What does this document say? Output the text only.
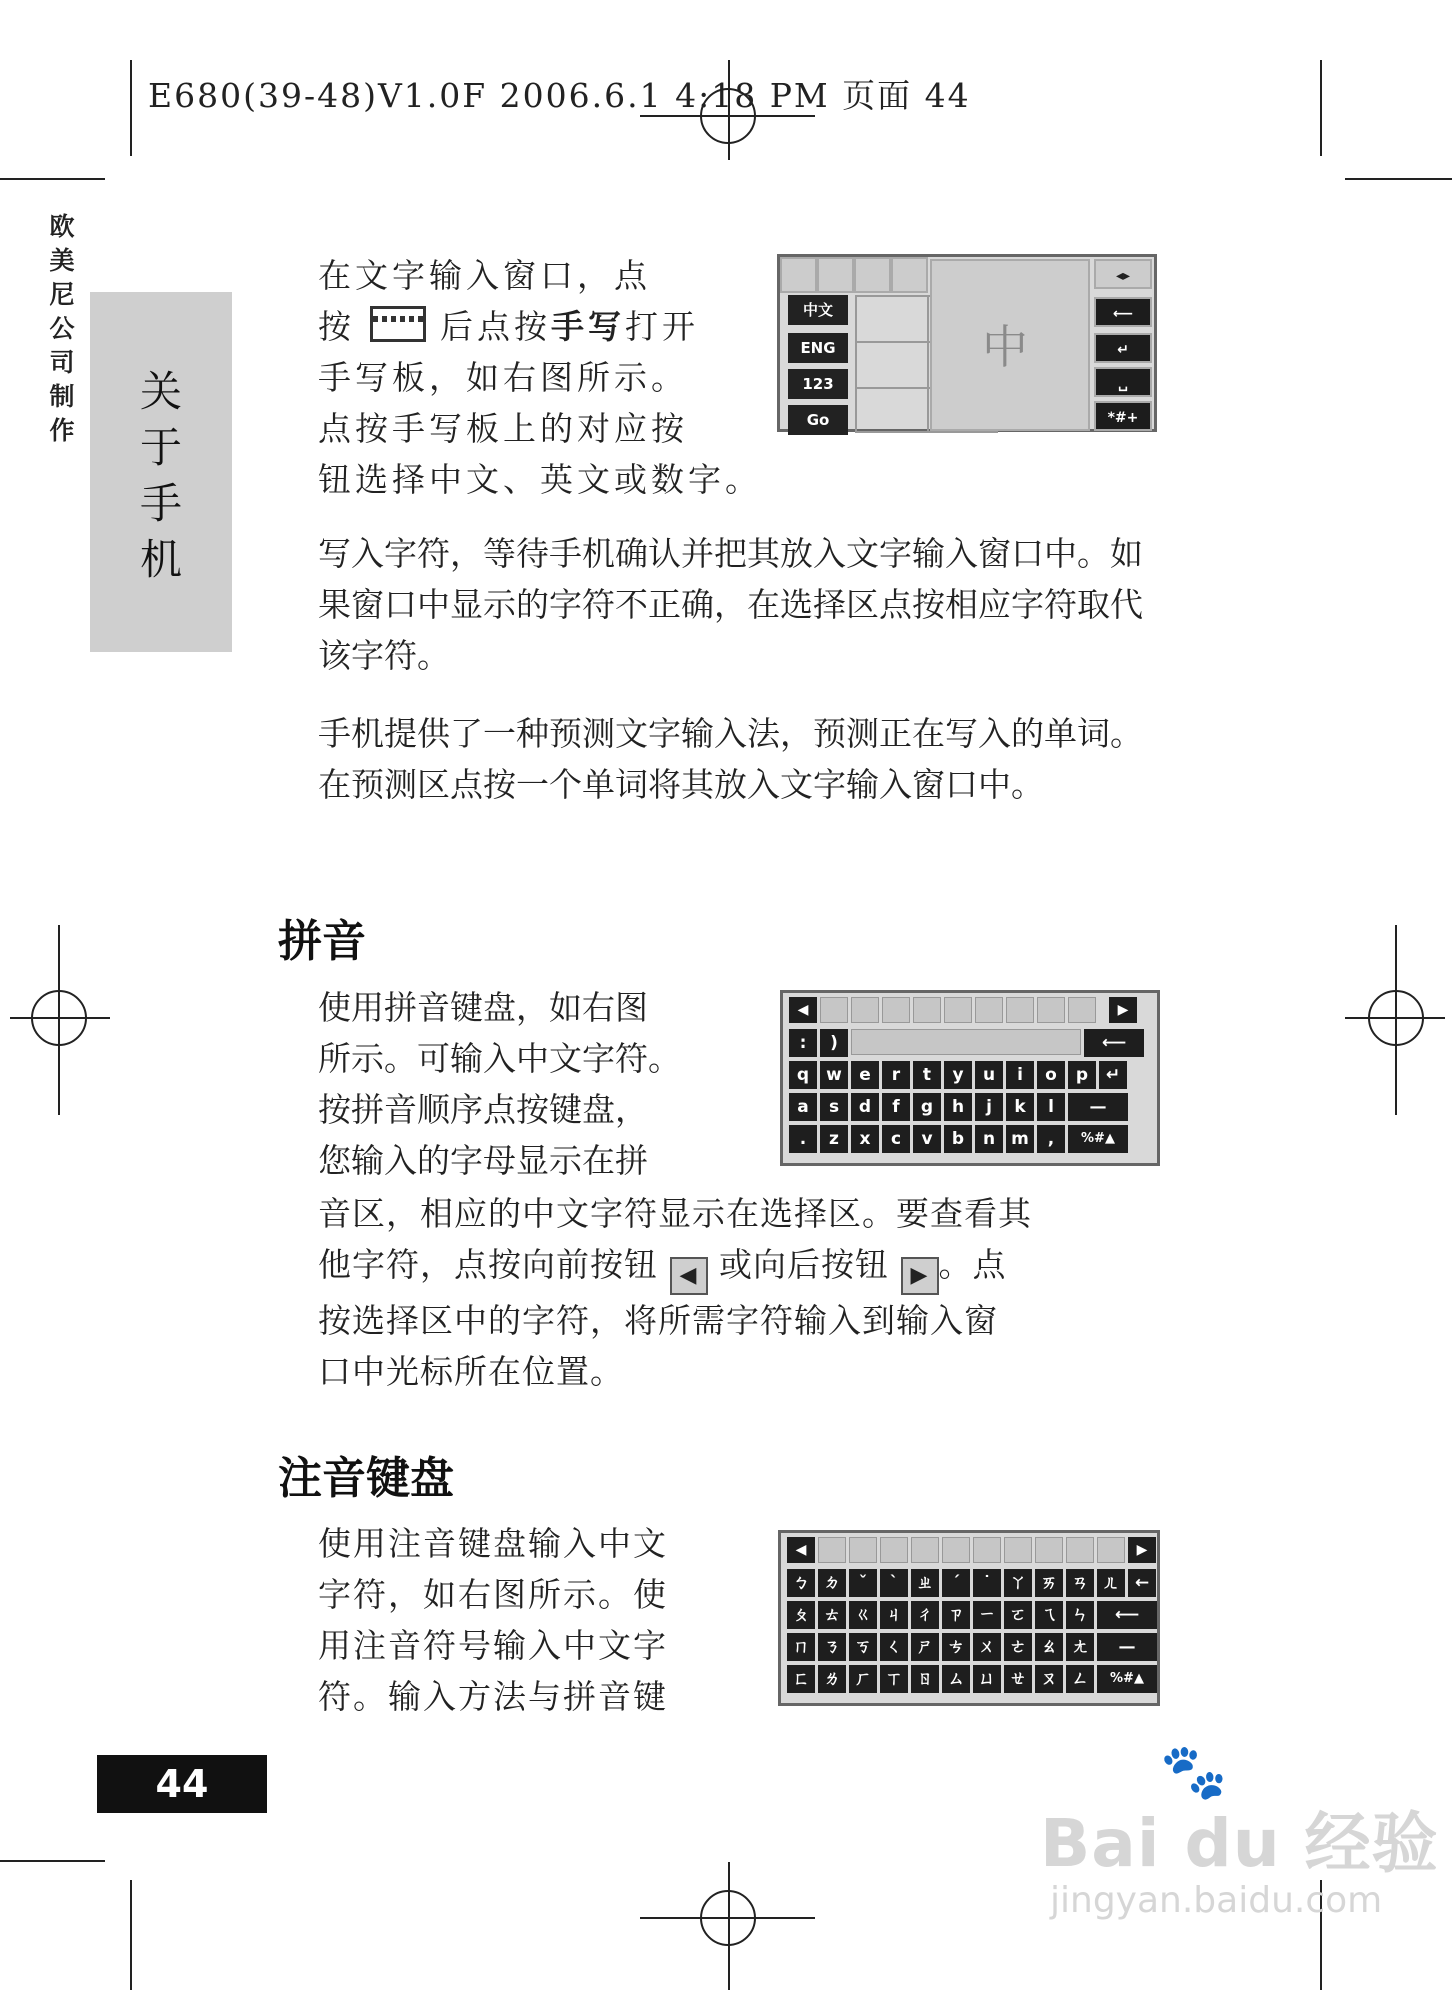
E680(39-48)V1.0F 2006.6.1 4:18 PM 页面 44
欧
美
尼
公
司
制
作
关
于
手
机

在文字输入窗口，点

按	后点按手写打开

手写板，如右图所示。

点按手写板上的对应按

钮选择中文、英文或数字。

中文
ENG
123
Go
中
◂▸
⟵
↵
␣
*#+

写入字符，等待手机确认并把其放入文字输入窗口中。如果窗口中显示的字符不正确，在选择区点按相应字符取代该字符。

手机提供了一种预测文字输入法，预测正在写入的单词。在预测区点按一个单词将其放入文字输入窗口中。

拼音

使用拼音键盘，如右图

所示。可输入中文字符。

按拼音顺序点按键盘，

您输入的字母显示在拼

◀	▶
:	)	⟵
q	w	e	r	t	y	u	i	o	p	↵
a	s	d	f	g	h	j	k	l	—
.	z	x	c	v	b	n m	,	%#▲

音区，相应的中文字符显示在选择区。要查看其

他字符，点按向前按钮 ◀ 或向后按钮 ▶ 。点

按选择区中的字符，将所需字符输入到输入窗

口中光标所在位置。

注音键盘

使用注音键盘输入中文

字符，如右图所示。使

用注音符号输入中文字

符。输入方法与拼音键

◀	▶
ㄅ ㄉ	ˇ	ˋ	ㄓ	ˊ	˙	ㄚ ㄞ ㄢ ㄦ ←
ㄆ ㄊ ㄍ ㄐ ㄔ ㄗ ㄧ ㄛ ㄟ ㄣ	⟵
ㄇ ㄋ ㄎ ㄑ ㄕ ㄘ ㄨ ㄜ ㄠ ㄤ	—
ㄈ ㄌ ㄏ ㄒ ㄖ ㄙ ㄩ ㄝ ㄡ ㄥ	%#▲
44	🐾
Bai du 经验
jingyan.baidu.com
